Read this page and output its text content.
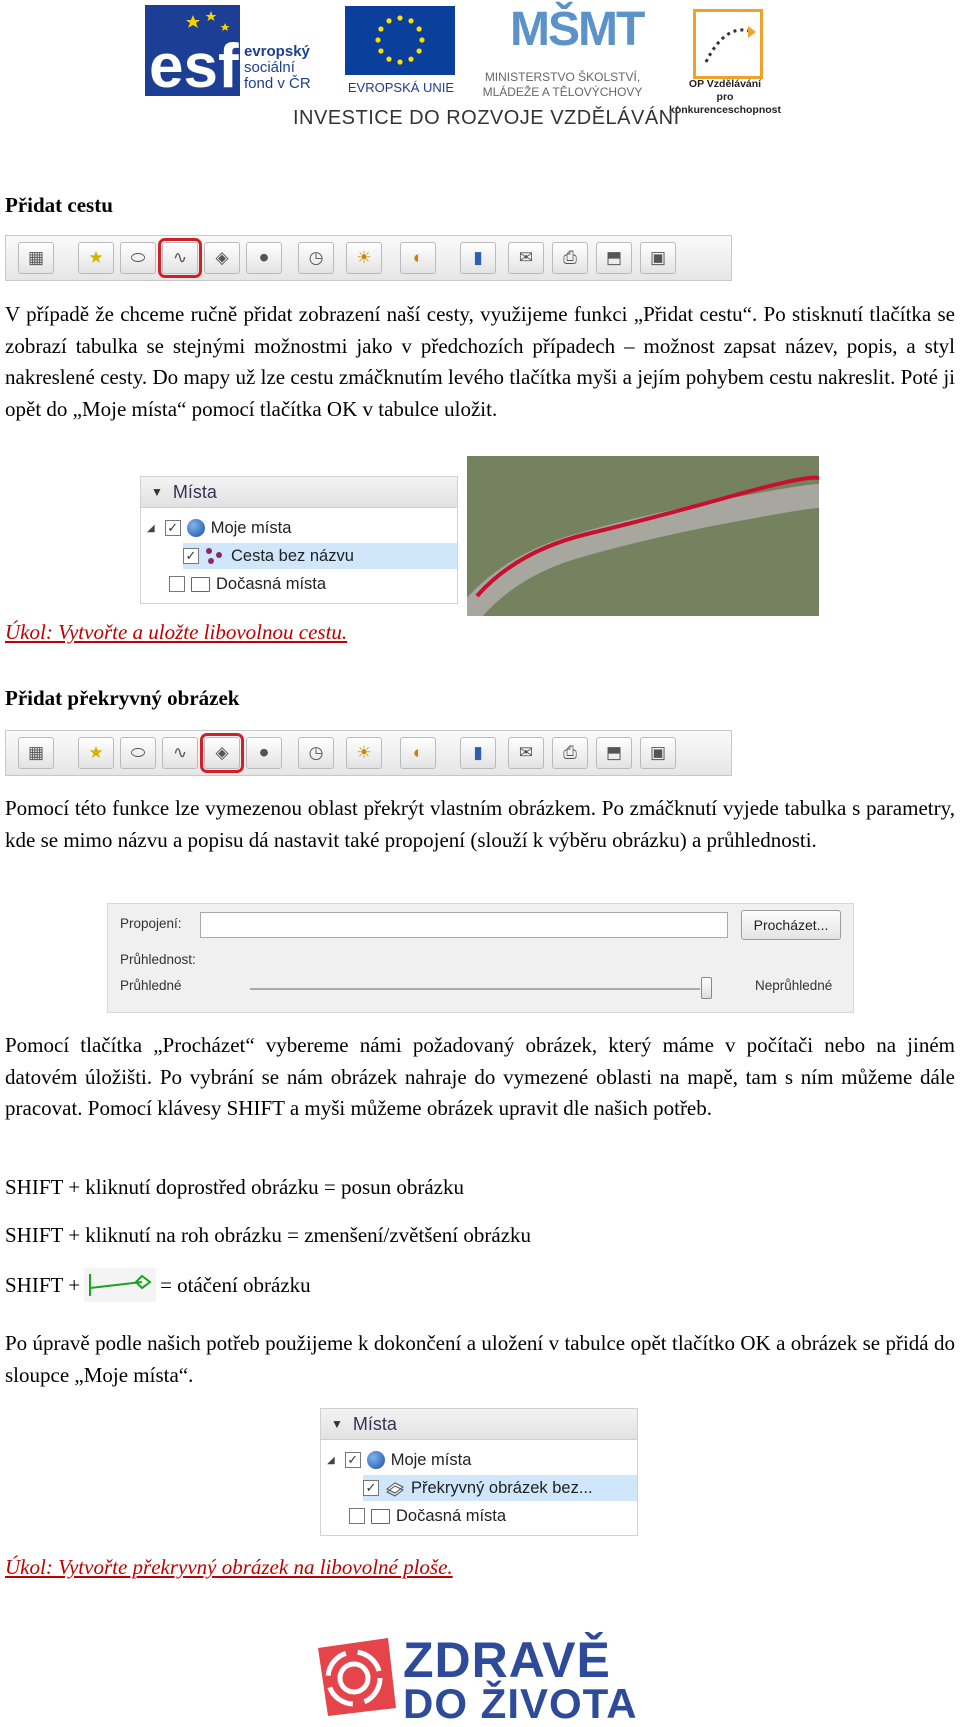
esf evropský
sociální
fond v ČR	EVROPSKÁ UNIE
MŠMT
MINISTERSTVO ŠKOLSTVÍ,
MLÁDEŽE A TĚLOVÝCHOVY
OP Vzdělávání
pro konkurenceschopnost
INVESTICE DO ROZVOJE VZDĚLÁVÁNÍ
Přidat cestu
▦	★	⬭	∿	◈	⏺	◷	☀	◐	▮	✉	⎙	⬒	▣

V případě že chceme ručně přidat zobrazení naší cesty, využijeme funkci „Přidat cestu“. Po stisknutí tlačítka se zobrazí tabulka se stejnými možnostmi jako v předchozích případech – možnost zapsat název, popis, a styl nakreslené cesty. Do mapy už lze cestu zmáčknutím levého tlačítka myši a jejím pohybem cestu nakreslit. Poté ji opět do „Moje místa“ pomocí tlačítka OK v tabulce uložit.

▼ Místa
◢ ✓ Moje místa
✓ Cesta bez názvu
Dočasná místa
Úkol: Vytvořte a uložte libovolnou cestu.
Přidat překryvný obrázek
▦	★	⬭	∿	◈	⏺	◷	☀	◐	▮	✉	⎙	⬒	▣

Pomocí této funkce lze vymezenou oblast překrýt vlastním obrázkem. Po zmáčknutí vyjede tabulka s parametry, kde se mimo názvu a popisu dá nastavit také propojení (slouží k výběru obrázku) a průhlednosti.

Propojení:	Procházet...
Průhlednost:
Průhledné	Neprůhledné

Pomocí tlačítka „Procházet“ vybereme námi požadovaný obrázek, který máme v počítači nebo na jiném datovém úložišti. Po vybrání se nám obrázek nahraje do vymezené oblasti na mapě, tam s ním můžeme dále pracovat. Pomocí klávesy SHIFT a myši můžeme obrázek upravit dle našich potřeb.

SHIFT + kliknutí doprostřed obrázku = posun obrázku

SHIFT + kliknutí na roh obrázku = zmenšení/zvětšení obrázku

SHIFT +	= otáčení obrázku

Po úpravě podle našich potřeb použijeme k dokončení a uložení v tabulce opět tlačítko OK a obrázek se přidá do sloupce „Moje místa“.

▼ Místa
◢ ✓ Moje místa
✓ Překryvný obrázek bez...
Dočasná místa
Úkol: Vytvořte překryvný obrázek na libovolné ploše.
ZDRAVĚ
DO ŽIVOTA
